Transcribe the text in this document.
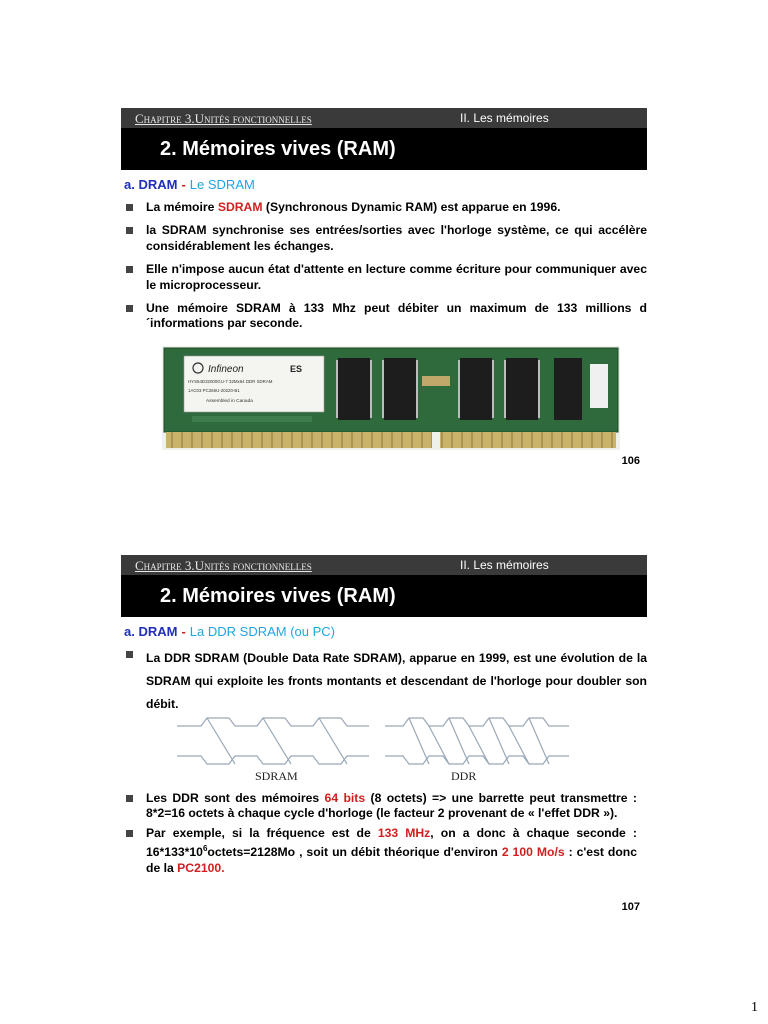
Chapitre 3.Unités fonctionnelles	II. Les mémoires
2. Mémoires vives (RAM)
a. DRAM - Le SDRAM
La mémoire SDRAM (Synchronous Dynamic RAM) est apparue en 1996.
la SDRAM synchronise ses entrées/sorties avec l'horloge système, ce qui accélère considérablement les échanges.
Elle n'impose aucun état d'attente en lecture comme écriture pour communiquer avec le microprocesseur.
Une mémoire SDRAM à 133 Mhz peut débiter un maximum de 133 millions d´informations par seconde.
Infineon	ES
HYS64D32000GU-7 32Mx64 DDR SDRAM
1AC03 PC266U-20220-B1
Assembled in Canada
106
Chapitre 3.Unités fonctionnelles	II. Les mémoires
2. Mémoires vives (RAM)
a. DRAM - La DDR SDRAM (ou PC)
La DDR SDRAM (Double Data Rate SDRAM), apparue en 1999, est une évolution de la SDRAM qui exploite les fronts montants et descendant de l'horloge pour doubler son débit.
SDRAM	DDR
Les DDR sont des mémoires 64 bits (8 octets) => une barrette peut transmettre : 8*2=16 octets à chaque cycle d'horloge (le facteur 2 provenant de « l'effet DDR »).
Par exemple, si la fréquence est de 133 MHz, on a donc à chaque seconde : $16*133*10^6octets=2128Mo$ , soit un débit théorique d'environ 2 100 Mo/s : c'est donc de la PC2100.
107
1
